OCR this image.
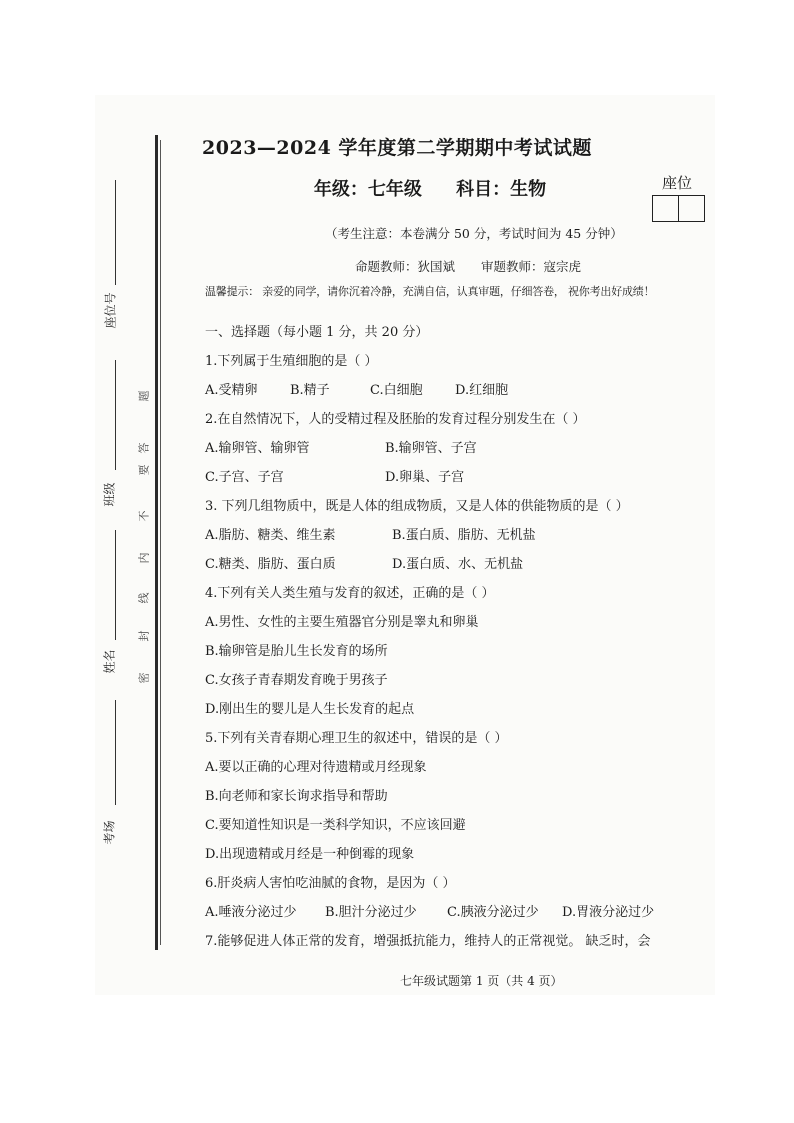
座位号
班级
姓名
考场
题
答
要
不
内
线
封
密
2023—2024 学年度第二学期期中考试试题
年级：七年级 科目：生物	座位
（考生注意：本卷满分 50 分，考试时间为 45 分钟）
命题教师：狄国斌 审题教师：寇宗虎
温馨提示： 亲爱的同学，请你沉着冷静，充满自信，认真审题，仔细答卷， 祝你考出好成绩！
一、选择题（每小题 1 分，共 20 分）
1.下列属于生殖细胞的是（ ）
A.受精卵 B.精子	C.白细胞 D.红细胞
2.在自然情况下，人的受精过程及胚胎的发育过程分别发生在（ ）
A.输卵管、输卵管	B.输卵管、子宫
C.子宫、子宫	D.卵巢、子宫
3. 下列几组物质中，既是人体的组成物质，又是人体的供能物质的是（ ）
A.脂肪、糖类、维生素	B.蛋白质、脂肪、无机盐
C.糖类、脂肪、蛋白质	D.蛋白质、水、无机盐
4.下列有关人类生殖与发育的叙述，正确的是（ ）
A.男性、女性的主要生殖器官分别是睾丸和卵巢
B.输卵管是胎儿生长发育的场所
C.女孩子青春期发育晚于男孩子
D.刚出生的婴儿是人生长发育的起点
5.下列有关青春期心理卫生的叙述中，错误的是（ ）
A.要以正确的心理对待遗精或月经现象
B.向老师和家长询求指导和帮助
C.要知道性知识是一类科学知识，不应该回避
D.出现遗精或月经是一种倒霉的现象
6.肝炎病人害怕吃油腻的食物，是因为（ ）
A.唾液分泌过少 B.胆汁分泌过少 C.胰液分泌过少 D.胃液分泌过少
7.能够促进人体正常的发育，增强抵抗能力，维持人的正常视觉。 缺乏时，会
七年级试题第 1 页（共 4 页）
